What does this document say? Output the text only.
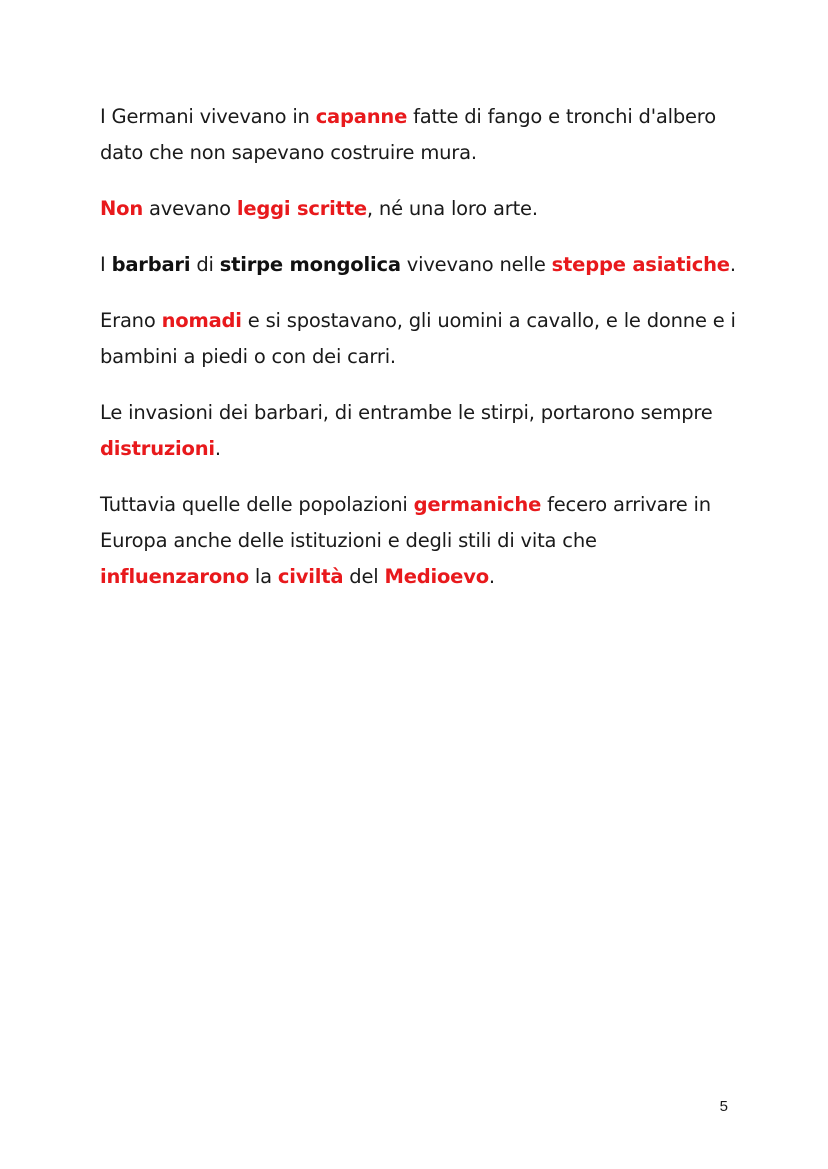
I Germani vivevano in capanne fatte di fango e tronchi d'albero dato che non sapevano costruire mura.

Non avevano leggi scritte, né una loro arte.

I barbari di stirpe mongolica vivevano nelle steppe asiatiche.

Erano nomadi e si spostavano, gli uomini a cavallo, e le donne e i bambini a piedi o con dei carri.

Le invasioni dei barbari, di entrambe le stirpi, portarono sempre distruzioni.

Tuttavia quelle delle popolazioni germaniche fecero arrivare in Europa anche delle istituzioni e degli stili di vita che influenzarono la civiltà del Medioevo.

5
